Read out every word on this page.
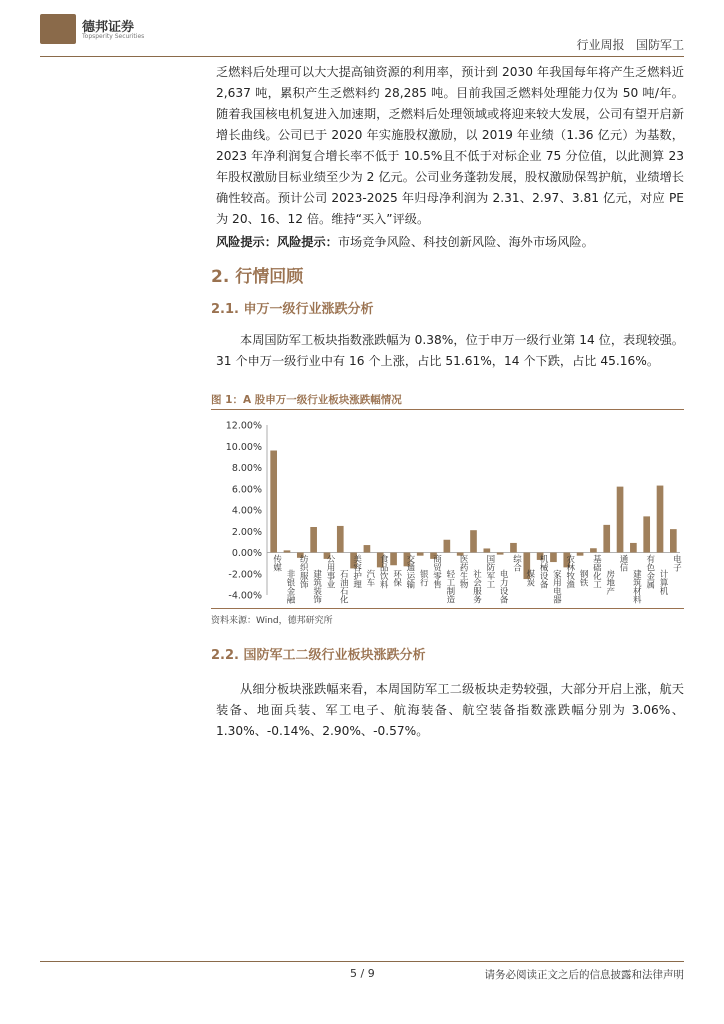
德邦证券
Topsperity Securities
行业周报 国防军工

乏燃料后处理可以大大提高铀资源的利用率，预计到 2030 年我国每年将产生乏燃料近 2,637 吨，累积产生乏燃料约 28,285 吨。目前我国乏燃料处理能力仅为 50 吨/年。随着我国核电机复进入加速期，乏燃料后处理领域或将迎来较大发展，公司有望开启新增长曲线。公司已于 2020 年实施股权激励，以 2019 年业绩（1.36 亿元）为基数，2023 年净利润复合增长率不低于 10.5%且不低于对标企业 75 分位值，以此测算 23 年股权激励目标业绩至少为 2 亿元。公司业务蓬勃发展，股权激励保驾护航，业绩增长确性较高。预计公司 2023-2025 年归母净利润为 2.31、2.97、3.81 亿元，对应 PE 为 20、16、12 倍。维持“买入”评级。

风险提示：风险提示：市场竞争风险、科技创新风险、海外市场风险。

2. 行情回顾
2.1. 申万一级行业涨跌分析

本周国防军工板块指数涨跌幅为 0.38%，位于申万一级行业第 14 位，表现较强。31 个申万一级行业中有 16 个上涨，占比 51.61%，14 个下跌，占比 45.16%。

图 1：A 股申万一级行业板块涨跌幅情况
12.00%
10.00%
8.00%
6.00%
4.00%
2.00%
0.00%
-2.00%
-4.00%
传媒
非银金融 纺织服饰 建筑装饰 公用事业 石油石化 美容护理 汽车 食品饮料 环保 交通运输 银行 商贸零售 轻工制造 医药生物 社会服务 国防军工 电力设备
综合
煤炭 机械设备 家用电器 农林牧渔 钢铁 基础化工 房地产
通信
建筑材料 有色金属 计算机
电子
资料来源：Wind，德邦研究所
2.2. 国防军工二级行业板块涨跌分析

从细分板块涨跌幅来看，本周国防军工二级板块走势较强，大部分开启上涨，航天装备、地面兵装、军工电子、航海装备、航空装备指数涨跌幅分别为 3.06%、1.30%、-0.14%、2.90%、-0.57%。

5 / 9	请务必阅读正文之后的信息披露和法律声明
